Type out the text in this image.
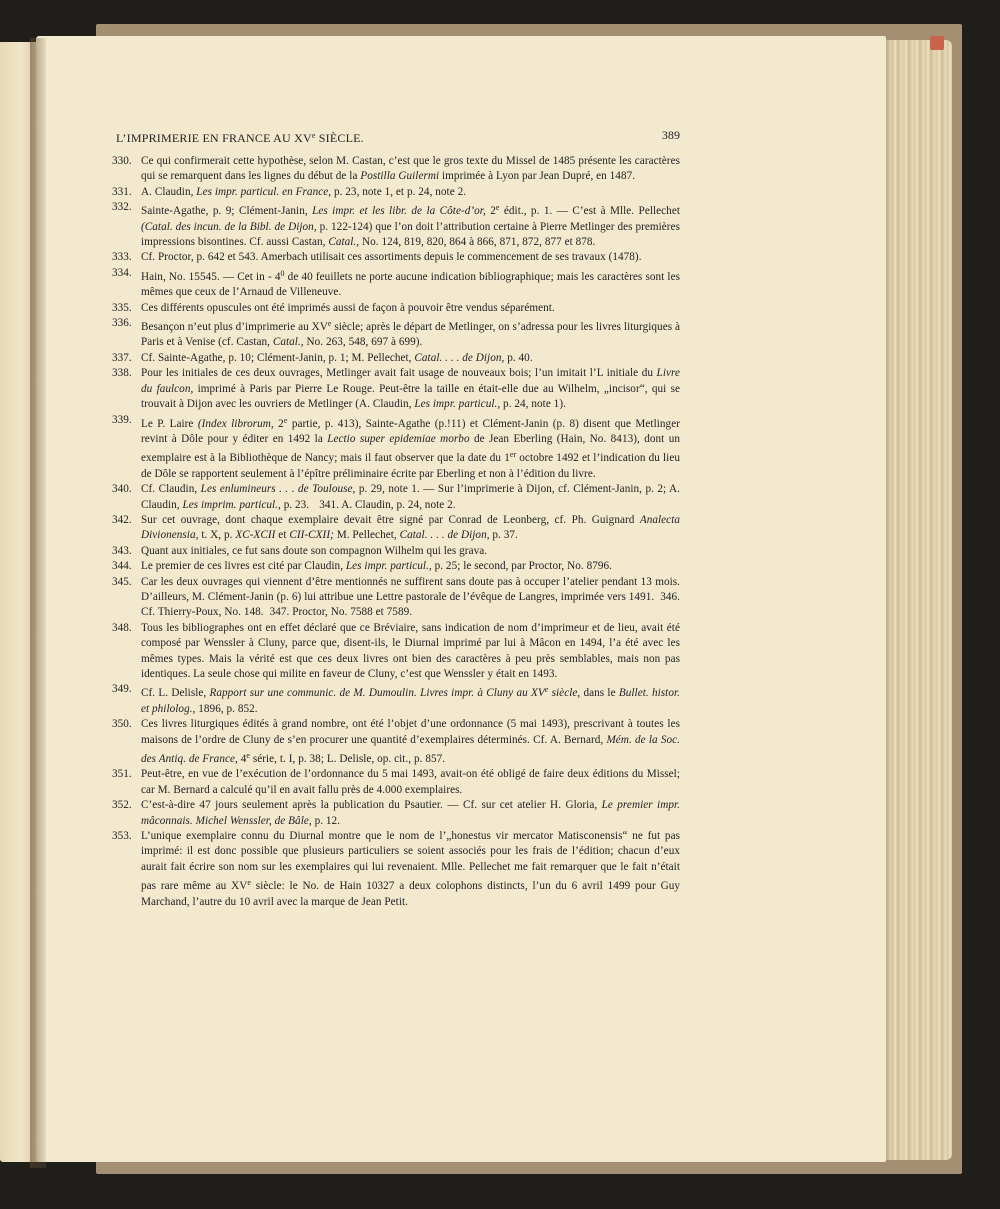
L’IMPRIMERIE EN FRANCE AU XVe SIÈCLE.	389
330. Ce qui confirmerait cette hypothèse, selon M. Castan, c’est que le gros texte du Missel de 1485 présente les caractères qui se remarquent dans les lignes du début de la Postilla Guilermi imprimée à Lyon par Jean Dupré, en 1487.

331. A. Claudin, Les impr. particul. en France, p. 23, note 1, et p. 24, note 2.

332. Sainte-Agathe, p. 9; Clément-Janin, Les impr. et les libr. de la Côte-d’or, 2e édit., p. 1. — C’est à Mlle. Pellechet (Catal. des incun. de la Bibl. de Dijon, p. 122-124) que l’on doit l’attribution certaine à Pierre Metlinger des premières impressions bisontines. Cf. aussi Castan, Catal., No. 124, 819, 820, 864 à 866, 871, 872, 877 et 878.

333. Cf. Proctor, p. 642 et 543. Amerbach utilisait ces assortiments depuis le commencement de ses travaux (1478).

334. Hain, No. 15545. — Cet in - $4^0$ de 40 feuillets ne porte aucune indication bibliographique; mais les caractères sont les mêmes que ceux de l’Arnaud de Villeneuve.

335. Ces différents opuscules ont été imprimés aussi de façon à pouvoir être vendus séparément.

336. Besançon n’eut plus d’imprimerie au XVe siècle; après le départ de Metlinger, on s’adressa pour les livres liturgiques à Paris et à Venise (cf. Castan, Catal., No. 263, 548, 697 à 699).

337. Cf. Sainte-Agathe, p. 10; Clément-Janin, p. 1; M. Pellechet, Catal. . . . de Dijon, p. 40.

338. Pour les initiales de ces deux ouvrages, Metlinger avait fait usage de nouveaux bois; l’un imitait l’L initiale du Livre du faulcon, imprimé à Paris par Pierre Le Rouge. Peut-être la taille en était-elle due au Wilhelm, „incisor“, qui se trouvait à Dijon avec les ouvriers de Metlinger (A. Claudin, Les impr. particul., p. 24, note 1).

339. Le P. Laire (Index librorum, 2e partie, p. 413), Sainte-Agathe (p.!11) et Clément-Janin (p. 8) disent que Metlinger revint à Dôle pour y éditer en 1492 la Lectio super epidemiae morbo de Jean Eberling (Hain, No. 8413), dont un exemplaire est à la Bibliothèque de Nancy; mais il faut observer que la date du 1er octobre 1492 et l’indication du lieu de Dôle se rapportent seulement à l’épître préliminaire écrite par Eberling et non à l’édition du livre.

340. Cf. Claudin, Les enlumineurs . . . de Toulouse, p. 29, note 1. — Sur l’imprimerie à Dijon, cf. Clément-Janin, p. 2; A. Claudin, Les imprim. particul., p. 23. 341. A. Claudin, p. 24, note 2.

342. Sur cet ouvrage, dont chaque exemplaire devait être signé par Conrad de Leonberg, cf. Ph. Guignard Analecta Divionensia, t. X, p. XC-XCII et CII-CXII; M. Pellechet, Catal. . . . de Dijon, p. 37.

343. Quant aux initiales, ce fut sans doute son compagnon Wilhelm qui les grava.

344. Le premier de ces livres est cité par Claudin, Les impr. particul., p. 25; le second, par Proctor, No. 8796.

345. Car les deux ouvrages qui viennent d’être mentionnés ne suffirent sans doute pas à occuper l’atelier pendant 13 mois. D’ailleurs, M. Clément-Janin (p. 6) lui attribue une Lettre pastorale de l’évêque de Langres, imprimée vers 1491. 346. Cf. Thierry-Poux, No. 148. 347. Proctor, No. 7588 et 7589.

348. Tous les bibliographes ont en effet déclaré que ce Bréviaire, sans indication de nom d’imprimeur et de lieu, avait été composé par Wenssler à Cluny, parce que, disent-ils, le Diurnal imprimé par lui à Mâcon en 1494, l’a été avec les mêmes types. Mais la vérité est que ces deux livres ont bien des caractères à peu près semblables, mais non pas identiques. La seule chose qui milite en faveur de Cluny, c’est que Wenssler y était en 1493.

349. Cf. L. Delisle, Rapport sur une communic. de M. Dumoulin. Livres impr. à Cluny au XVe siècle, dans le Bullet. histor. et philolog., 1896, p. 852.

350. Ces livres liturgiques édités à grand nombre, ont été l’objet d’une ordonnance (5 mai 1493), prescrivant à toutes les maisons de l’ordre de Cluny de s’en procurer une quantité d’exemplaires déterminés. Cf. A. Bernard, Mém. de la Soc. des Antiq. de France, 4e série, t. I, p. 38; L. Delisle, op. cit., p. 857.

351. Peut-être, en vue de l’exécution de l’ordonnance du 5 mai 1493, avait-on été obligé de faire deux éditions du Missel; car M. Bernard a calculé qu’il en avait fallu près de 4.000 exemplaires.

352. C’est-à-dire 47 jours seulement après la publication du Psautier. — Cf. sur cet atelier H. Gloria, Le premier impr. mâconnais. Michel Wenssler, de Bâle, p. 12.

353. L’unique exemplaire connu du Diurnal montre que le nom de l’„honestus vir mercator Matisconensis“ ne fut pas imprimé: il est donc possible que plusieurs particuliers se soient associés pour les frais de l’édition; chacun d’eux aurait fait écrire son nom sur les exemplaires qui lui revenaient. Mlle. Pellechet me fait remarquer que le fait n’était pas rare même au XVe siècle: le No. de Hain 10327 a deux colophons distincts, l’un du 6 avril 1499 pour Guy Marchand, l’autre du 10 avril avec la marque de Jean Petit.
